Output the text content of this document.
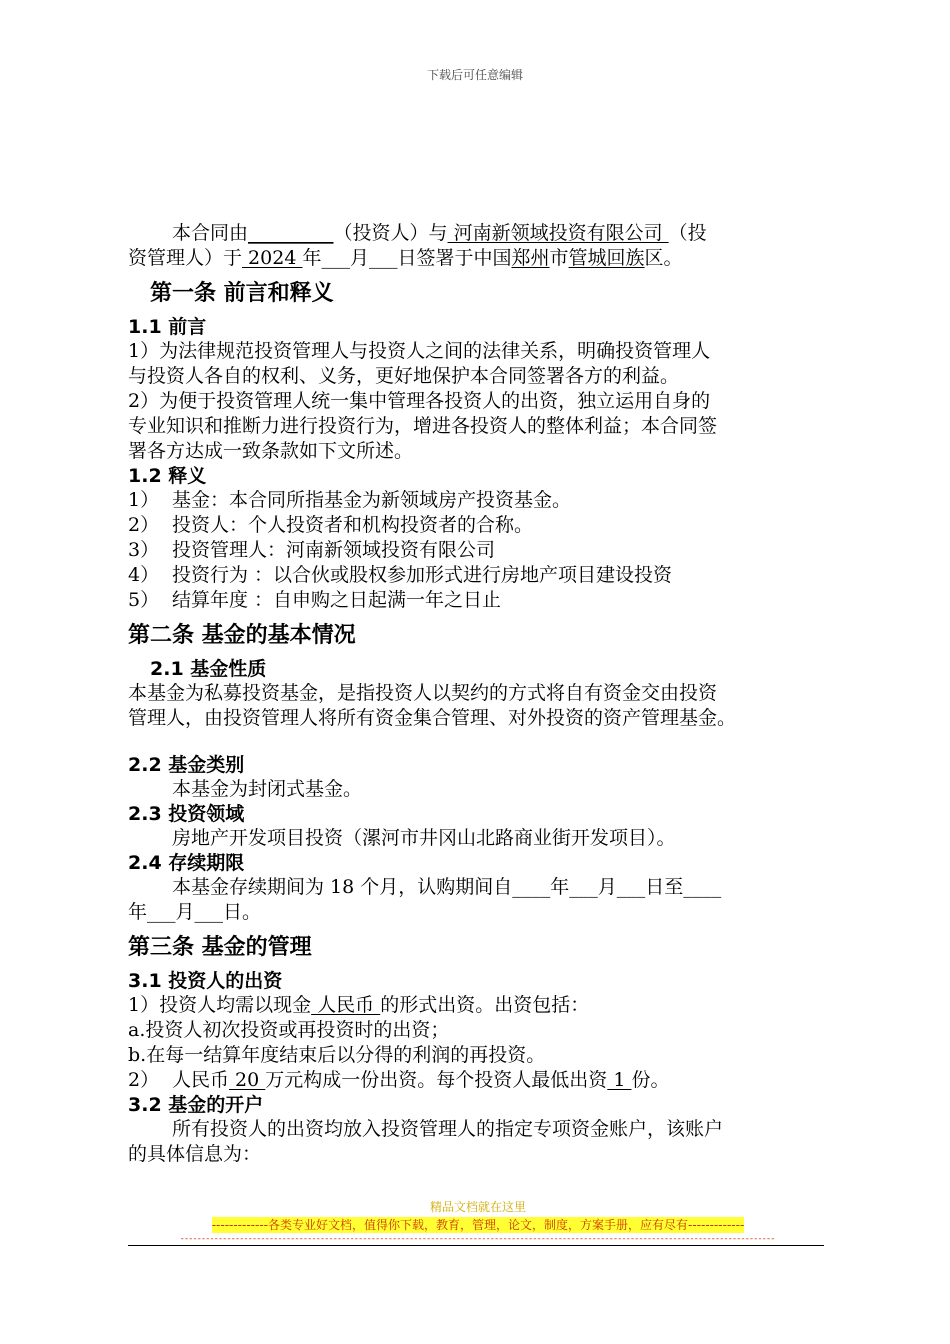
下载后可任意编辑

本合同由_________（投资人）与 河南新领域投资有限公司 （投

资管理人）于 2024 年___月___日签署于中国郑州市管城回族区。

第一条 前言和释义
1.1 前言

1）为法律规范投资管理人与投资人之间的法律关系，明确投资管理人

与投资人各自的权利、义务，更好地保护本合同签署各方的利益。

2）为便于投资管理人统一集中管理各投资人的出资，独立运用自身的

专业知识和推断力进行投资行为，增进各投资人的整体利益；本合同签

署各方达成一致条款如下文所述。

1.2 释义

1） 基金：本合同所指基金为新领域房产投资基金。

2） 投资人：个人投资者和机构投资者的合称。

3） 投资管理人：河南新领域投资有限公司

4） 投资行为 ：以合伙或股权参加形式进行房地产项目建设投资

5） 结算年度 ：自申购之日起满一年之日止

第二条 基金的基本情况
2.1 基金性质

本基金为私募投资基金，是指投资人以契约的方式将自有资金交由投资

管理人，由投资管理人将所有资金集合管理、对外投资的资产管理基金。

2.2 基金类别

本基金为封闭式基金。

2.3 投资领域

房地产开发项目投资（漯河市井冈山北路商业街开发项目）。

2.4 存续期限

本基金存续期间为 18 个月，认购期间自____年___月___日至____

年___月___日。

第三条 基金的管理
3.1 投资人的出资

1）投资人均需以现金 人民币 的形式出资。出资包括：

a.投资人初次投资或再投资时的出资；

b.在每一结算年度结束后以分得的利润的再投资。

2） 人民币 20 万元构成一份出资。每个投资人最低出资 1 份。

3.2 基金的开户

所有投资人的出资均放入投资管理人的指定专项资金账户，该账户

的具体信息为：

精品文档就在这里
-------------各类专业好文档，值得你下载，教育，管理，论文，制度，方案手册，应有尽有-------------
--------------------------------------------------------------------------------------------------------------------------------------------
